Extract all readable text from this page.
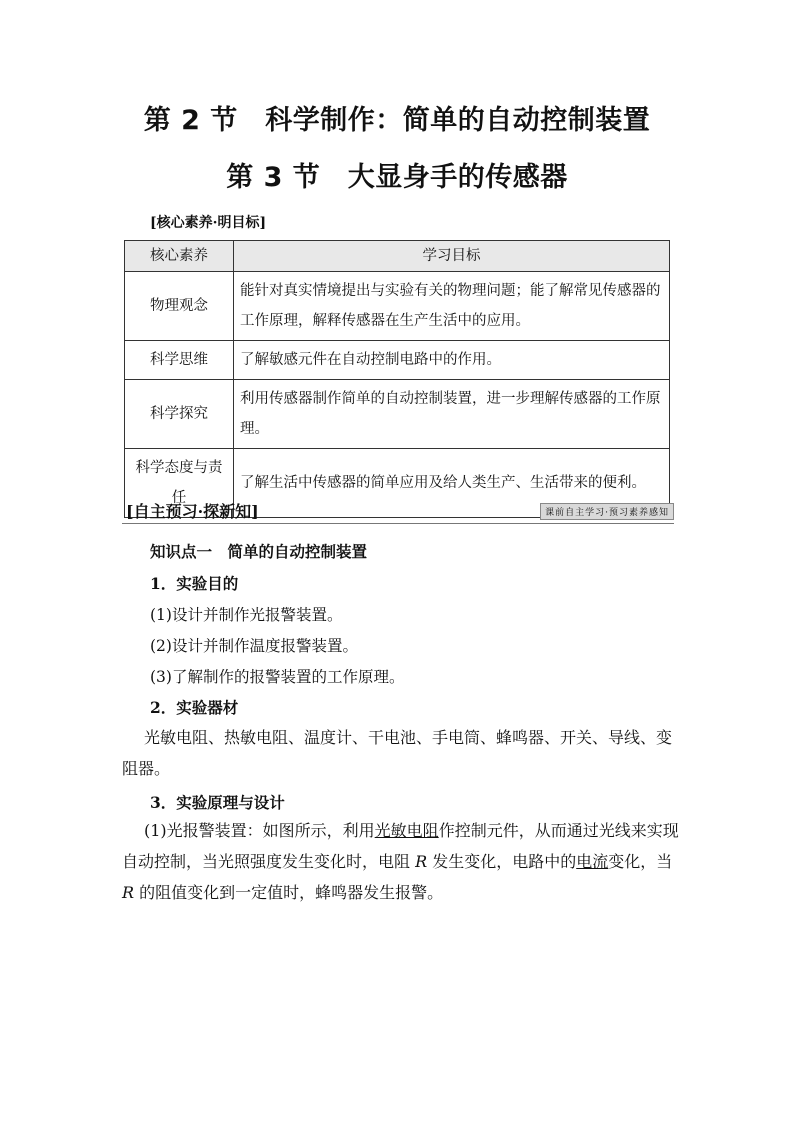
第 2 节　科学制作：简单的自动控制装置
第 3 节　大显身手的传感器
[核心素养·明目标]
核心素养	学习目标
物理观念	能针对真实情境提出与实验有关的物理问题；能了解常见传感器的工作原理，解释传感器在生产生活中的应用。
科学思维	了解敏感元件在自动控制电路中的作用。
科学探究	利用传感器制作简单的自动控制装置，进一步理解传感器的工作原理。
科学态度与责任	了解生活中传感器的简单应用及给人类生产、生活带来的便利。
[自主预习·探新知]	课前自主学习·预习素养感知
知识点一　简单的自动控制装置
1．实验目的
(1)设计并制作光报警装置。
(2)设计并制作温度报警装置。
(3)了解制作的报警装置的工作原理。
2．实验器材
光敏电阻、热敏电阻、温度计、干电池、手电筒、蜂鸣器、开关、导线、变阻器。
3．实验原理与设计
(1)光报警装置：如图所示，利用光敏电阻作控制元件，从而通过光线来实现自动控制，当光照强度发生变化时，电阻 R 发生变化，电路中的电流变化，当 R 的阻值变化到一定值时，蜂鸣器发生报警。
